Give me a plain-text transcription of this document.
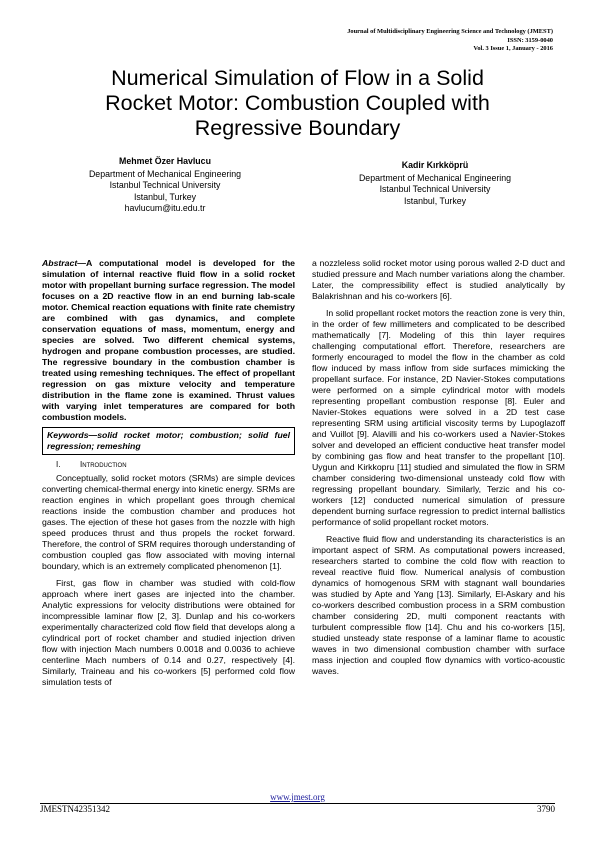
Journal of Multidisciplinary Engineering Science and Technology (JMEST)
ISSN: 3159-0040
Vol. 3 Issue 1, January - 2016
Numerical Simulation of Flow in a Solid
Rocket Motor: Combustion Coupled with
Regressive Boundary
Mehmet Özer Havlucu
Department of Mechanical Engineering
Istanbul Technical University
Istanbul, Turkey
havlucum@itu.edu.tr
Kadir Kırkköprü
Department of Mechanical Engineering
Istanbul Technical University
Istanbul, Turkey
Abstract—A computational model is developed for the simulation of internal reactive fluid flow in a solid rocket motor with propellant burning surface regression. The model focuses on a 2D reactive flow in an end burning lab-scale motor. Chemical reaction equations with finite rate chemistry are combined with gas dynamics, and complete conservation equations of mass, momentum, energy and species are solved. Two different chemical systems, hydrogen and propane combustion processes, are studied. The regressive boundary in the combustion chamber is treated using remeshing techniques. The effect of propellant regression on gas mixture velocity and temperature distribution in the flame zone is examined. Thrust values with varying inlet temperatures are compared for both combustion models.
Keywords—solid rocket motor; combustion; solid fuel regression; remeshing
I. Introduction

Conceptually, solid rocket motors (SRMs) are simple devices converting chemical-thermal energy into kinetic energy. SRMs are reaction engines in which propellant goes through chemical reactions inside the combustion chamber and produces hot gases. The ejection of these hot gases from the nozzle with high speed produces thrust and thus propels the rocket forward. Therefore, the control of SRM requires thorough understanding of combustion coupled gas flow associated with moving internal boundary, which is an extremely complicated phenomenon [1].

First, gas flow in chamber was studied with cold-flow approach where inert gases are injected into the chamber. Analytic expressions for velocity distributions were obtained for incompressible laminar flow [2, 3]. Dunlap and his co-workers experimentally characterized cold flow field that develops along a cylindrical port of rocket chamber and studied injection driven flow with injection Mach numbers 0.0018 and 0.0036 to achieve centerline Mach numbers of 0.14 and 0.27, respectively [4]. Similarly, Traineau and his co-workers [5] performed cold flow simulation tests of

a nozzleless solid rocket motor using porous walled 2-D duct and studied pressure and Mach number variations along the chamber. Later, the compressibility effect is studied analytically by Balakrishnan and his co-workers [6].

In solid propellant rocket motors the reaction zone is very thin, in the order of few millimeters and complicated to be described mathematically [7]. Modeling of this thin layer requires challenging computational effort. Therefore, researchers are formerly encouraged to model the flow in the chamber as cold flow induced by mass inflow from side surfaces mimicking the propellant surface. For instance, 2D Navier-Stokes computations were performed on a simple cylindrical motor with models representing propellant combustion response [8]. Euler and Navier-Stokes equations were solved in a 2D test case representing SRM using artificial viscosity terms by Lupoglazoff and Vuillot [9]. Alavilli and his co-workers used a Navier-Stokes solver and developed an efficient conductive heat transfer model by combining gas flow and heat transfer to the propellant [10]. Uygun and Kirkkopru [11] studied and simulated the flow in SRM chamber considering two-dimensional unsteady cold flow with regressing propellant boundary. Similarly, Terzic and his co-workers [12] conducted numerical simulation of pressure dependent burning surface regression to predict internal ballistics performance of solid propellant rocket motors.

Reactive fluid flow and understanding its characteristics is an important aspect of SRM. As computational powers increased, researchers started to combine the cold flow with reaction to reveal reactive fluid flow. Numerical analysis of combustion dynamics of homogenous SRM with stagnant wall boundaries was studied by Apte and Yang [13]. Similarly, El-Askary and his co-workers described combustion process in a SRM combustion chamber considering 2D, multi component reactants with turbulent compressible flow [14]. Chu and his co-workers [15], studied unsteady state response of a laminar flame to acoustic waves in two dimensional combustion chamber with surface mass injection and coupled flow dynamics with vortico-acoustic waves.

www.jmest.org
JMESTN42351342	3790
